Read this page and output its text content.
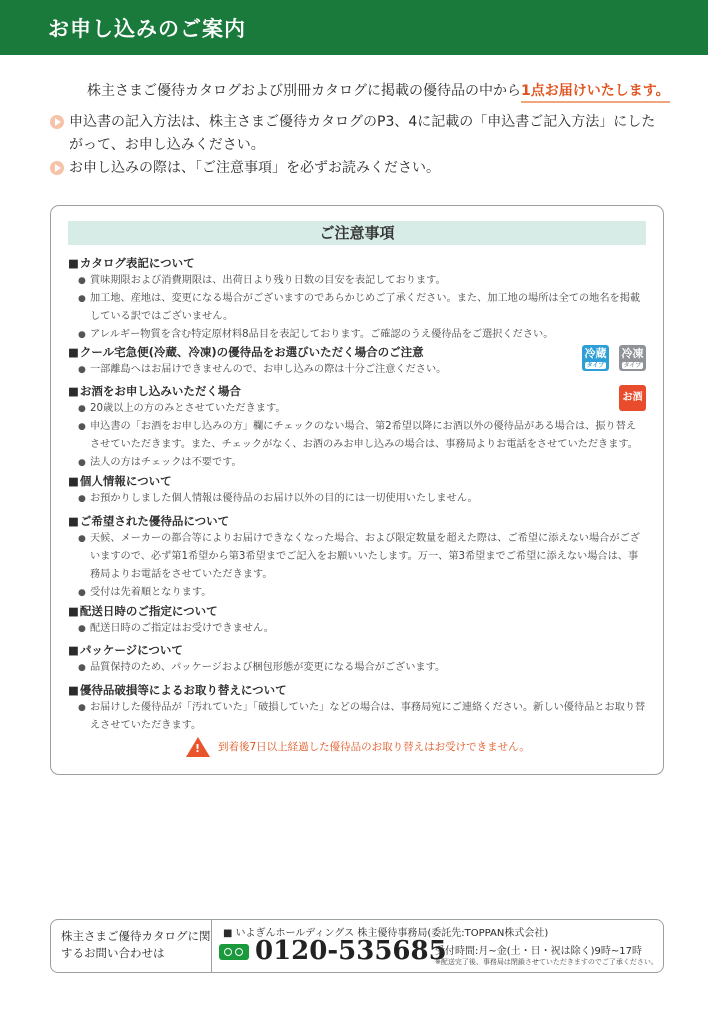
お申し込みのご案内
株主さまご優待カタログおよび別冊カタログに掲載の優待品の中から1点お届けいたします。
申込書の記入方法は、株主さまご優待カタログのP3、4に記載の「申込書ご記入方法」にしたがって、お申し込みください。
お申し込みの際は、「ご注意事項」を必ずお読みください。
ご注意事項
■ カタログ表記について
● 賞味期限および消費期限は、出荷日より残り日数の目安を表記しております。
● 加工地、産地は、変更になる場合がございますのであらかじめご了承ください。また、加工地の場所は全ての地名を掲載している訳ではございません。
● アレルギー物質を含む特定原材料8品目を表記しております。ご確認のうえ優待品をご選択ください。
■ クール宅急便(冷蔵、冷凍)の優待品をお選びいただく場合のご注意
● 一部離島へはお届けできませんので、お申し込みの際は十分ご注意ください。
■ お酒をお申し込みいただく場合
● 20歳以上の方のみとさせていただきます。
● 申込書の「お酒をお申し込みの方」欄にチェックのない場合、第2希望以降にお酒以外の優待品がある場合は、振り替えさせていただきます。また、チェックがなく、お酒のみお申し込みの場合は、事務局よりお電話をさせていただきます。
● 法人の方はチェックは不要です。
■ 個人情報について
● お預かりしました個人情報は優待品のお届け以外の目的には一切使用いたしません。
■ ご希望された優待品について
● 天候、メーカーの都合等によりお届けできなくなった場合、および限定数量を超えた際は、ご希望に添えない場合がございますので、必ず第1希望から第3希望までご記入をお願いいたします。万一、第3希望までご希望に添えない場合は、事務局よりお電話をさせていただきます。
● 受付は先着順となります。
■ 配送日時のご指定について
● 配送日時のご指定はお受けできません。
■ パッケージについて
● 品質保持のため、パッケージおよび梱包形態が変更になる場合がございます。
■ 優待品破損等によるお取り替えについて
● お届けした優待品が「汚れていた」「破損していた」などの場合は、事務局宛にご連絡ください。新しい優待品とお取り替えさせていただきます。
冷蔵
タイプ
冷凍
タイプ
お酒
! 到着後7日以上経過した優待品のお取り替えはお受けできません。
株主さまご優待カタログに関するお問い合わせは
■ いよぎんホールディングス 株主優待事務局(委託先:TOPPAN株式会社)
0120-535685
受付時間:月~金(土・日・祝は除く)9時~17時
※配送完了後、事務局は閉鎖させていただきますのでご了承ください。
